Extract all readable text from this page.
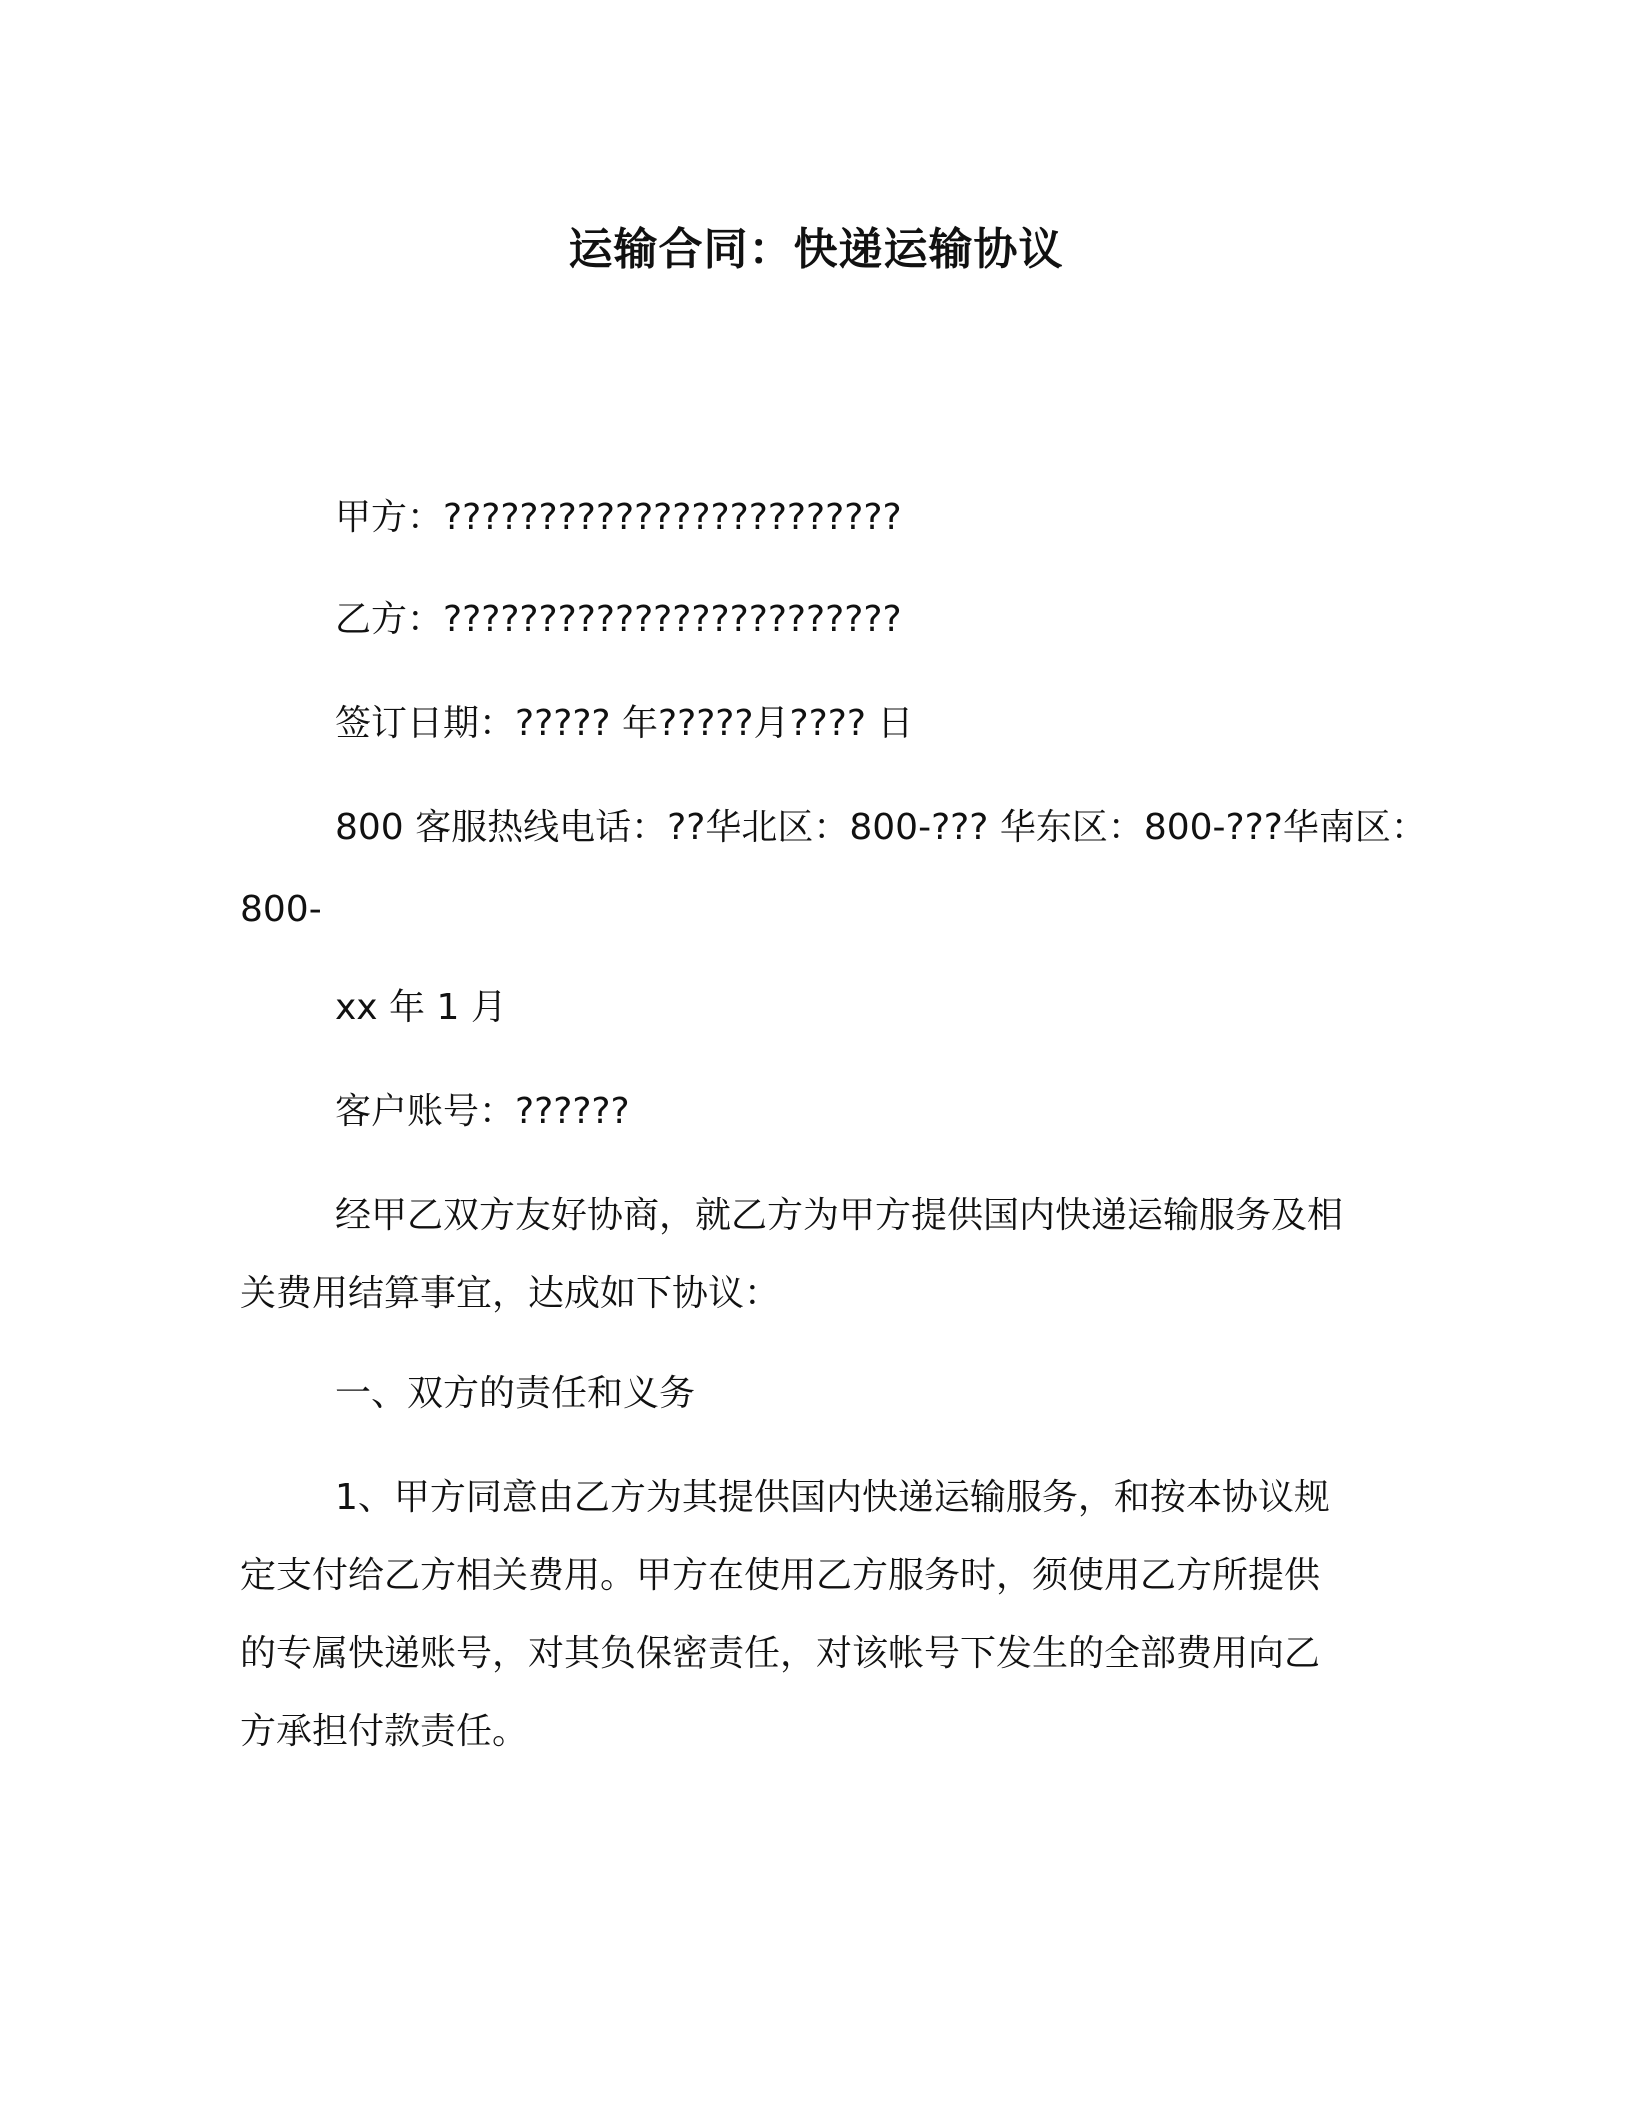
运输合同：快递运输协议
甲方：????????????????????????
乙方：????????????????????????
签订日期：????? 年?????月???? 日
800 客服热线电话：??华北区：800-??? 华东区：800-???华南区：
800-
xx 年 1 月
客户账号：??????
经甲乙双方友好协商，就乙方为甲方提供国内快递运输服务及相
关费用结算事宜，达成如下协议：
一、双方的责任和义务
1、甲方同意由乙方为其提供国内快递运输服务，和按本协议规
定支付给乙方相关费用。甲方在使用乙方服务时，须使用乙方所提供
的专属快递账号，对其负保密责任，对该帐号下发生的全部费用向乙
方承担付款责任。
